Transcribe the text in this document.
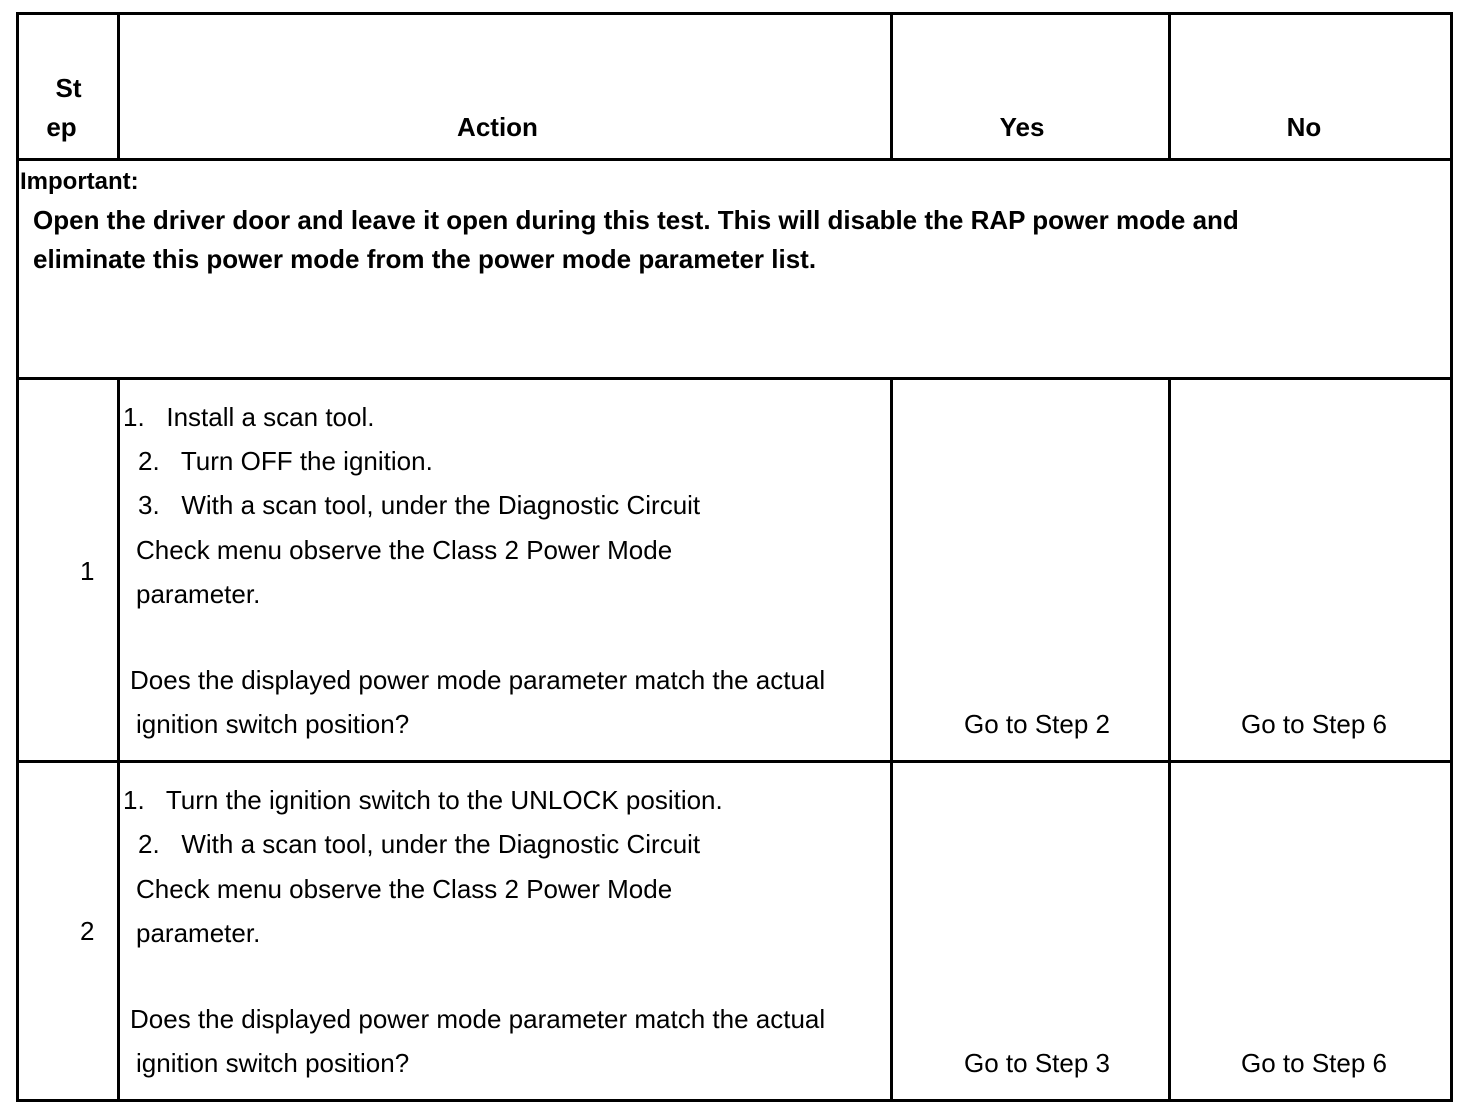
St
ep	Action	Yes	No
Important:
Open the driver door and leave it open during this test. This will disable the RAP power mode and
eliminate this power mode from the power mode parameter list.
1
1.   Install a scan tool.
2.   Turn OFF the ignition.
3.   With a scan tool, under the Diagnostic Circuit
Check menu observe the Class 2 Power Mode
parameter.
Does the displayed power mode parameter match the actual
ignition switch position?	Go to Step 2	Go to Step 6
2
1.   Turn the ignition switch to the UNLOCK position.
2.   With a scan tool, under the Diagnostic Circuit
Check menu observe the Class 2 Power Mode
parameter.
Does the displayed power mode parameter match the actual
ignition switch position?	Go to Step 3	Go to Step 6
